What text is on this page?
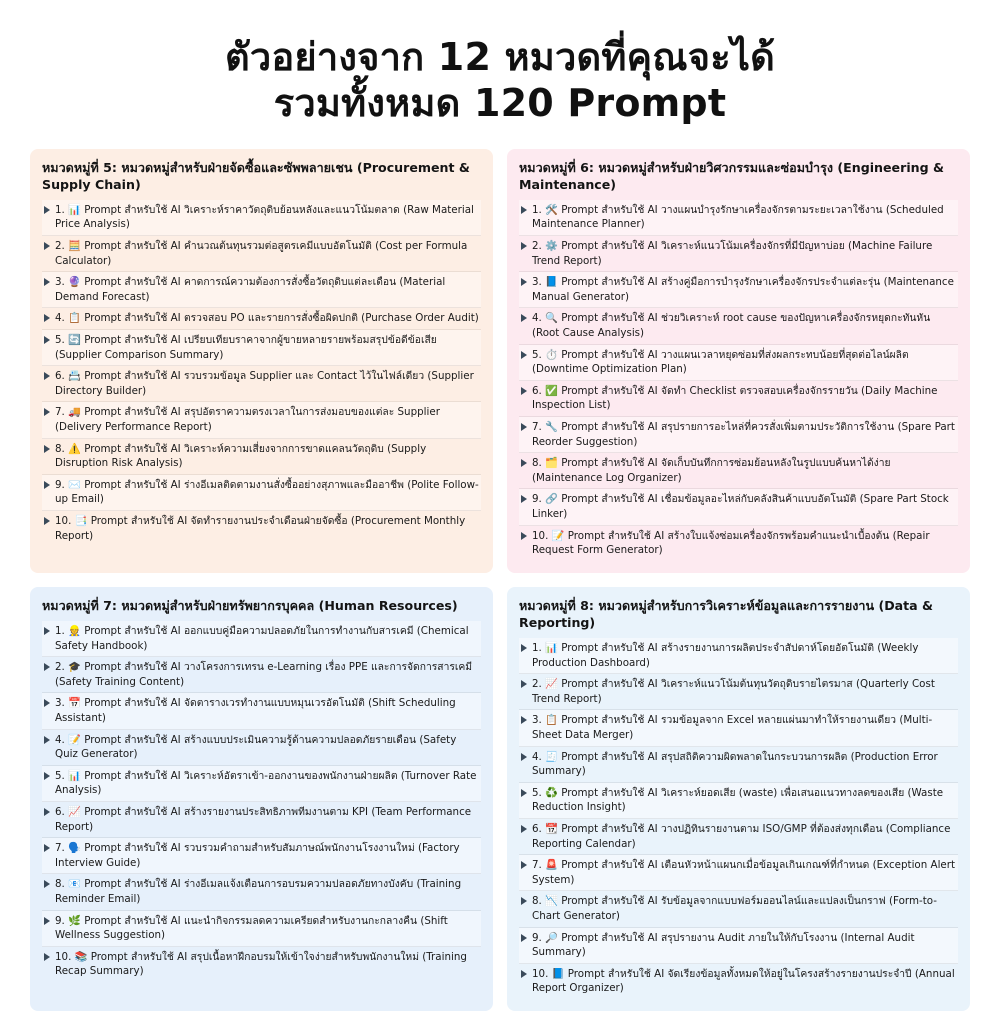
ตัวอย่างจาก 12 หมวดที่คุณจะได้
รวมทั้งหมด 120 Prompt
หมวดหมู่ที่ 5: หมวดหมู่สำหรับฝ่ายจัดซื้อและซัพพลายเชน (Procurement & Supply Chain)
1. 📊 Prompt สำหรับใช้ AI วิเคราะห์ราคาวัตถุดิบย้อนหลังและแนวโน้มตลาด (Raw Material Price Analysis)
2. 🧮 Prompt สำหรับใช้ AI คำนวณต้นทุนรวมต่อสูตรเคมีแบบอัตโนมัติ (Cost per Formula Calculator)
3. 🔮 Prompt สำหรับใช้ AI คาดการณ์ความต้องการสั่งซื้อวัตถุดิบแต่ละเดือน (Material Demand Forecast)
4. 📋 Prompt สำหรับใช้ AI ตรวจสอบ PO และรายการสั่งซื้อผิดปกติ (Purchase Order Audit)
5. 🔄 Prompt สำหรับใช้ AI เปรียบเทียบราคาจากผู้ขายหลายรายพร้อมสรุปข้อดีข้อเสีย (Supplier Comparison Summary)
6. 📇 Prompt สำหรับใช้ AI รวบรวมข้อมูล Supplier และ Contact ไว้ในไฟล์เดียว (Supplier Directory Builder)
7. 🚚 Prompt สำหรับใช้ AI สรุปอัตราความตรงเวลาในการส่งมอบของแต่ละ Supplier (Delivery Performance Report)
8. ⚠️ Prompt สำหรับใช้ AI วิเคราะห์ความเสี่ยงจากการขาดแคลนวัตถุดิบ (Supply Disruption Risk Analysis)
9. ✉️ Prompt สำหรับใช้ AI ร่างอีเมลติดตามงานสั่งซื้ออย่างสุภาพและมืออาชีพ (Polite Follow-up Email)
10. 📑 Prompt สำหรับใช้ AI จัดทำรายงานประจำเดือนฝ่ายจัดซื้อ (Procurement Monthly Report)
หมวดหมู่ที่ 6: หมวดหมู่สำหรับฝ่ายวิศวกรรมและซ่อมบำรุง (Engineering & Maintenance)
1. 🛠️ Prompt สำหรับใช้ AI วางแผนบำรุงรักษาเครื่องจักรตามระยะเวลาใช้งาน (Scheduled Maintenance Planner)
2. ⚙️ Prompt สำหรับใช้ AI วิเคราะห์แนวโน้มเครื่องจักรที่มีปัญหาบ่อย (Machine Failure Trend Report)
3. 📘 Prompt สำหรับใช้ AI สร้างคู่มือการบำรุงรักษาเครื่องจักรประจำแต่ละรุ่น (Maintenance Manual Generator)
4. 🔍 Prompt สำหรับใช้ AI ช่วยวิเคราะห์ root cause ของปัญหาเครื่องจักรหยุดกะทันหัน (Root Cause Analysis)
5. ⏱️ Prompt สำหรับใช้ AI วางแผนเวลาหยุดซ่อมที่ส่งผลกระทบน้อยที่สุดต่อไลน์ผลิต (Downtime Optimization Plan)
6. ✅ Prompt สำหรับใช้ AI จัดทำ Checklist ตรวจสอบเครื่องจักรรายวัน (Daily Machine Inspection List)
7. 🔧 Prompt สำหรับใช้ AI สรุปรายการอะไหล่ที่ควรสั่งเพิ่มตามประวัติการใช้งาน (Spare Part Reorder Suggestion)
8. 🗂️ Prompt สำหรับใช้ AI จัดเก็บบันทึกการซ่อมย้อนหลังในรูปแบบค้นหาได้ง่าย (Maintenance Log Organizer)
9. 🔗 Prompt สำหรับใช้ AI เชื่อมข้อมูลอะไหล่กับคลังสินค้าแบบอัตโนมัติ (Spare Part Stock Linker)
10. 📝 Prompt สำหรับใช้ AI สร้างใบแจ้งซ่อมเครื่องจักรพร้อมคำแนะนำเบื้องต้น (Repair Request Form Generator)
หมวดหมู่ที่ 7: หมวดหมู่สำหรับฝ่ายทรัพยากรบุคคล (Human Resources)
1. 👷 Prompt สำหรับใช้ AI ออกแบบคู่มือความปลอดภัยในการทำงานกับสารเคมี (Chemical Safety Handbook)
2. 🎓 Prompt สำหรับใช้ AI วางโครงการเทรน e-Learning เรื่อง PPE และการจัดการสารเคมี (Safety Training Content)
3. 📅 Prompt สำหรับใช้ AI จัดตารางเวรทำงานแบบหมุนเวรอัตโนมัติ (Shift Scheduling Assistant)
4. 📝 Prompt สำหรับใช้ AI สร้างแบบประเมินความรู้ด้านความปลอดภัยรายเดือน (Safety Quiz Generator)
5. 📊 Prompt สำหรับใช้ AI วิเคราะห์อัตราเข้า-ออกงานของพนักงานฝ่ายผลิต (Turnover Rate Analysis)
6. 📈 Prompt สำหรับใช้ AI สร้างรายงานประสิทธิภาพทีมงานตาม KPI (Team Performance Report)
7. 🗣️ Prompt สำหรับใช้ AI รวบรวมคำถามสำหรับสัมภาษณ์พนักงานโรงงานใหม่ (Factory Interview Guide)
8. 📧 Prompt สำหรับใช้ AI ร่างอีเมลแจ้งเตือนการอบรมความปลอดภัยทางบังคับ (Training Reminder Email)
9. 🌿 Prompt สำหรับใช้ AI แนะนำกิจกรรมลดความเครียดสำหรับงานกะกลางคืน (Shift Wellness Suggestion)
10. 📚 Prompt สำหรับใช้ AI สรุปเนื้อหาฝึกอบรมให้เข้าใจง่ายสำหรับพนักงานใหม่ (Training Recap Summary)
หมวดหมู่ที่ 8: หมวดหมู่สำหรับการวิเคราะห์ข้อมูลและการรายงาน (Data & Reporting)
1. 📊 Prompt สำหรับใช้ AI สร้างรายงานการผลิตประจำสัปดาห์โดยอัตโนมัติ (Weekly Production Dashboard)
2. 📈 Prompt สำหรับใช้ AI วิเคราะห์แนวโน้มต้นทุนวัตถุดิบรายไตรมาส (Quarterly Cost Trend Report)
3. 📋 Prompt สำหรับใช้ AI รวมข้อมูลจาก Excel หลายแผ่นมาทำให้รายงานเดียว (Multi-Sheet Data Merger)
4. 🧾 Prompt สำหรับใช้ AI สรุปสถิติความผิดพลาดในกระบวนการผลิต (Production Error Summary)
5. ♻️ Prompt สำหรับใช้ AI วิเคราะห์ยอดเสีย (waste) เพื่อเสนอแนวทางลดของเสีย (Waste Reduction Insight)
6. 📆 Prompt สำหรับใช้ AI วางปฏิทินรายงานตาม ISO/GMP ที่ต้องส่งทุกเดือน (Compliance Reporting Calendar)
7. 🚨 Prompt สำหรับใช้ AI เตือนหัวหน้าแผนกเมื่อข้อมูลเกินเกณฑ์ที่กำหนด (Exception Alert System)
8. 📉 Prompt สำหรับใช้ AI รับข้อมูลจากแบบฟอร์มออนไลน์และแปลงเป็นกราฟ (Form-to-Chart Generator)
9. 🔎 Prompt สำหรับใช้ AI สรุปรายงาน Audit ภายในให้กับโรงงาน (Internal Audit Summary)
10. 📘 Prompt สำหรับใช้ AI จัดเรียงข้อมูลทั้งหมดให้อยู่ในโครงสร้างรายงานประจำปี (Annual Report Organizer)
